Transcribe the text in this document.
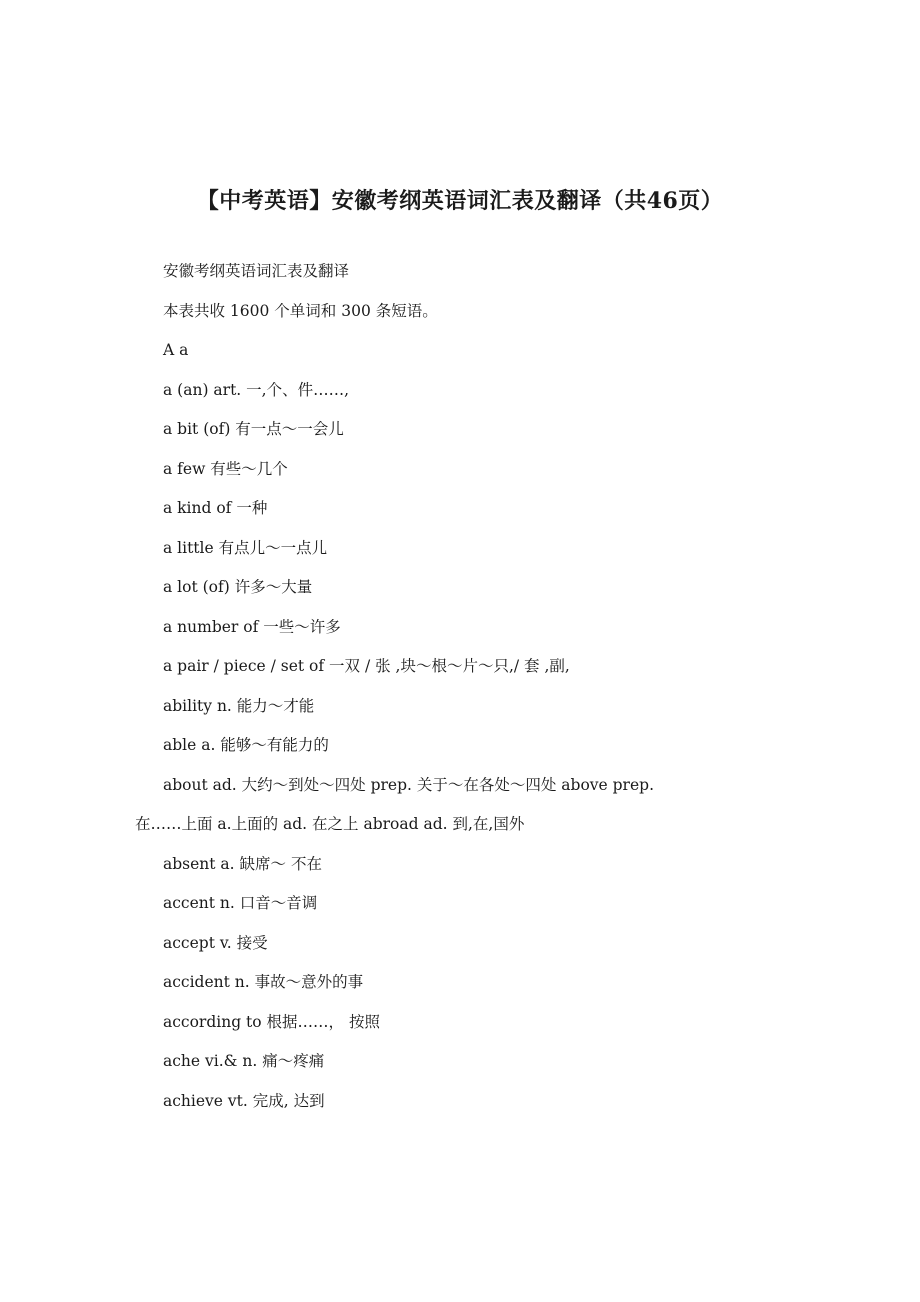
【中考英语】安徽考纲英语词汇表及翻译（共46页）
安徽考纲英语词汇表及翻译
本表共收 1600 个单词和 300 条短语。
A a
a (an) art. 一,个、件……,
a bit (of) 有一点～一会儿
a few 有些～几个
a kind of 一种
a little 有点儿～一点儿
a lot (of) 许多～大量
a number of 一些～许多
a pair / piece / set of 一双 / 张 ,块～根～片～只,/ 套 ,副,
ability n. 能力～才能
able a. 能够～有能力的
about ad. 大约～到处～四处 prep. 关于～在各处～四处 above prep.
在……上面 a.上面的 ad. 在之上 abroad ad. 到,在,国外
absent a. 缺席～ 不在
accent n. 口音～音调
accept v. 接受
accident n. 事故～意外的事
according to 根据……， 按照
ache vi.& n. 痛～疼痛
achieve vt. 完成, 达到
